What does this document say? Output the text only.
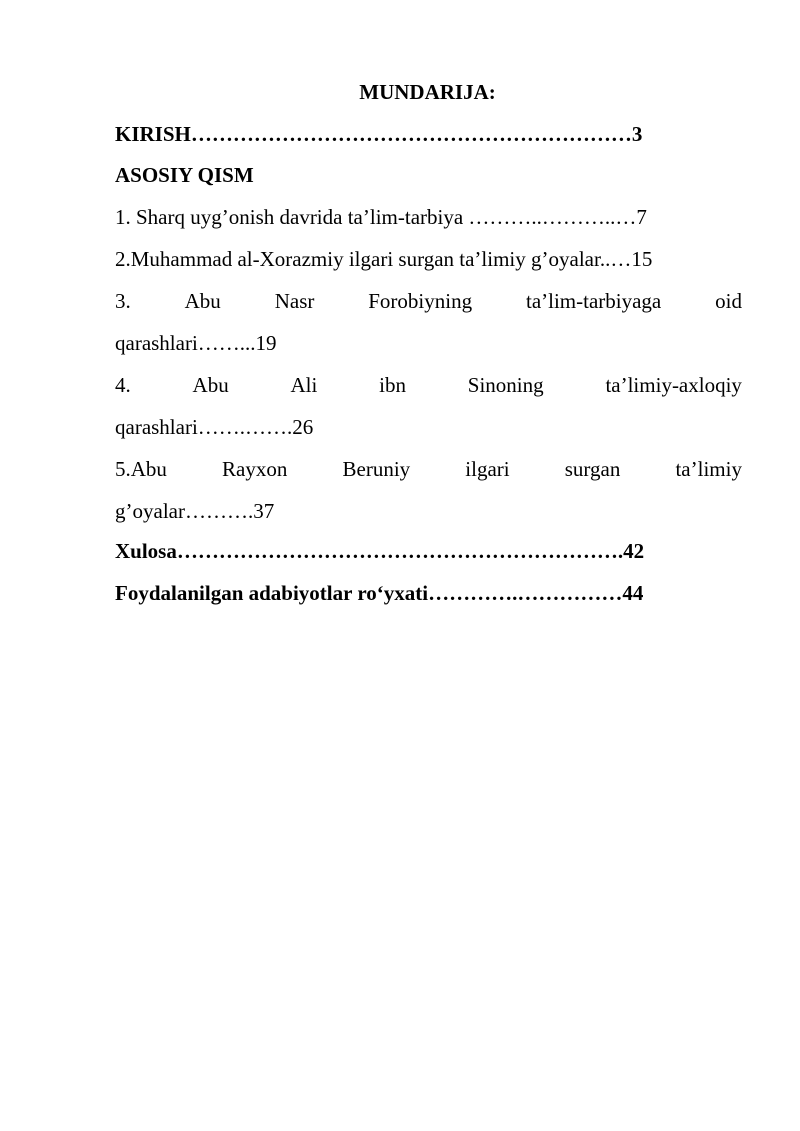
MUNDARIJA:
KIRISH………………………………………………………3
ASOSIY QISM
1. Sharq uyg’onish davrida ta’lim-tarbiya ………..………..…7
2.Muhammad al-Xorazmiy ilgari surgan ta’limiy g’oyalar..…15
3.	Abu	Nasr	Forobiyning	ta’lim-tarbiyaga	oid
qarashlari……...19
4.	Abu	Ali	ibn	Sinoning	ta’limiy-axloqiy
qarashlari…….…….26
5.Abu	Rayxon	Beruniy	ilgari	surgan	ta’limiy
g’oyalar……….37
Xulosa……………………………………………………….42
Foydalanilgan adabiyotlar ro‘yxati………….……………44
